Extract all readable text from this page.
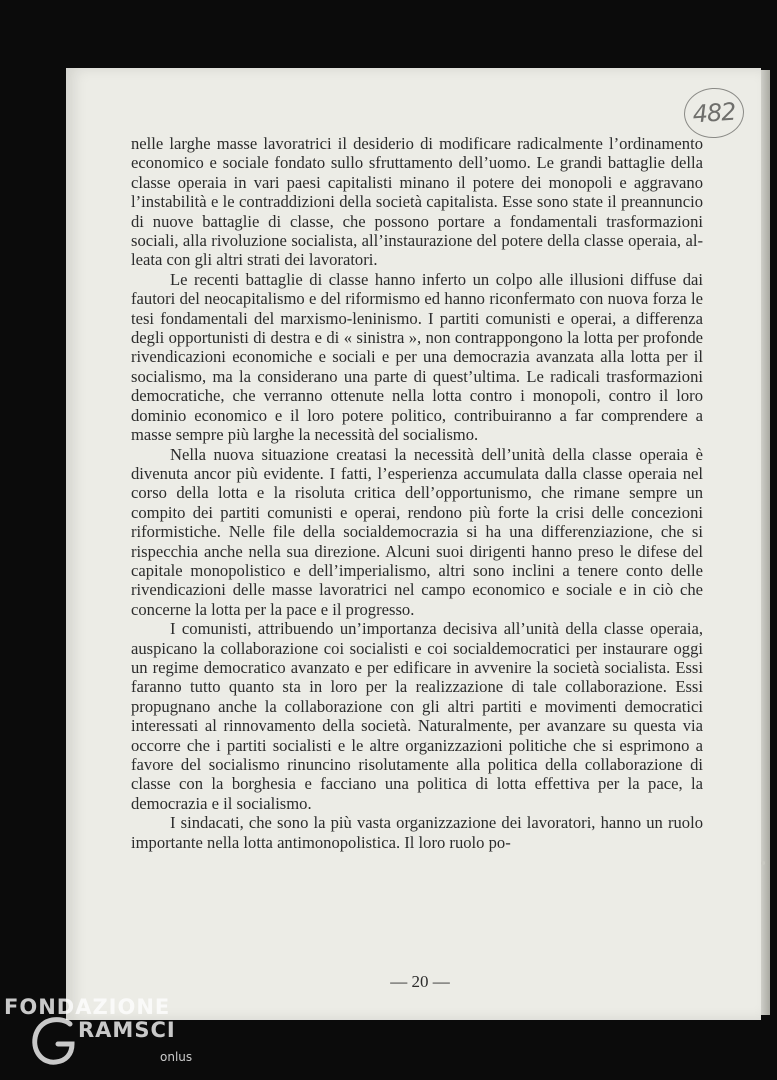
482

nelle larghe masse lavoratrici il desiderio di modificare radicalmente l’ordinamento economico e sociale fondato sullo sfruttamento dell’uomo. Le grandi battaglie della classe operaia in vari paesi capitalisti minano il potere dei monopoli e aggravano l’instabilità e le contraddizioni della società capitalista. Esse sono state il preannuncio di nuove battaglie di classe, che possono portare a fondamentali trasformazioni sociali, alla rivoluzione socialista, all’instaurazione del potere della classe operaia, alleata con gli altri strati dei lavoratori.

Le recenti battaglie di classe hanno inferto un colpo alle illusioni diffuse dai fautori del neocapitalismo e del riformismo ed hanno riconfermato con nuova forza le tesi fondamentali del marxismo-leninismo. I partiti comunisti e operai, a differenza degli opportunisti di destra e di « sinistra », non contrappongono la lotta per profonde rivendicazioni economiche e sociali e per una democrazia avanzata alla lotta per il socialismo, ma la considerano una parte di quest’ultima. Le radicali trasformazioni democratiche, che verranno ottenute nella lotta contro i monopoli, contro il loro dominio economico e il loro potere politico, contribuiranno a far comprendere a masse sempre più larghe la necessità del socialismo.

Nella nuova situazione creatasi la necessità dell’unità della classe operaia è divenuta ancor più evidente. I fatti, l’esperienza accumulata dalla classe operaia nel corso della lotta e la risoluta critica dell’opportunismo, che rimane sempre un compito dei partiti comunisti e operai, rendono più forte la crisi delle concezioni riformistiche. Nelle file della socialdemocrazia si ha una differenziazione, che si rispecchia anche nella sua direzione. Alcuni suoi dirigenti hanno preso le difese del capitale monopolistico e dell’imperialismo, altri sono inclini a tenere conto delle rivendicazioni delle masse lavoratrici nel campo economico e sociale e in ciò che concerne la lotta per la pace e il progresso.

I comunisti, attribuendo un’importanza decisiva all’unità della classe operaia, auspicano la collaborazione coi socialisti e coi socialdemocratici per instaurare oggi un regime democratico avanzato e per edificare in avvenire la società socialista. Essi faranno tutto quanto sta in loro per la realizzazione di tale collaborazione. Essi propugnano anche la collaborazione con gli altri partiti e movimenti democratici interessati al rinnovamento della società. Naturalmente, per avanzare su questa via occorre che i partiti socialisti e le altre organizzazioni politiche che si esprimono a favore del socialismo rinuncino risolutamente alla politica della collaborazione di classe con la borghesia e facciano una politica di lotta effettiva per la pace, la democrazia e il socialismo.

I sindacati, che sono la più vasta organizzazione dei lavoratori, hanno un ruolo importante nella lotta antimonopolistica. Il loro ruolo po-

— 20 —
FONDAZIONE
RAMSCI
onlus
